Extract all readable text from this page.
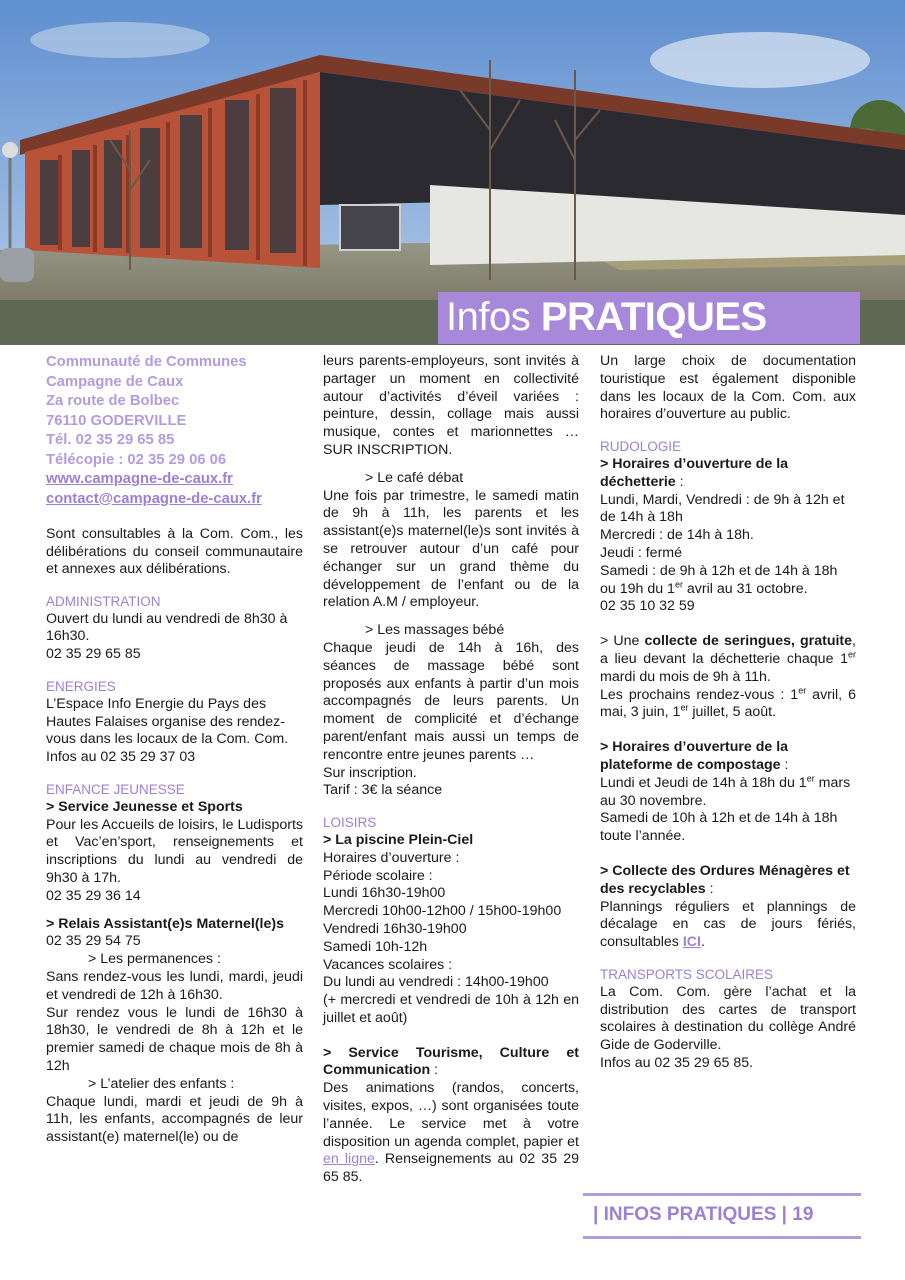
Infos PRATIQUES
Communauté de Communes
Campagne de Caux
Za route de Bolbec
76110 GODERVILLE
Tél. 02 35 29 65 85
Télécopie : 02 35 29 06 06
www.campagne-de-caux.fr
contact@campagne-de-caux.fr

Sont consultables à la Com. Com., les délibérations du conseil communautaire et annexes aux délibérations.

ADMINISTRATION

Ouvert du lundi au vendredi de 8h30 à 16h30.

02 35 29 65 85

ENERGIES

L’Espace Info Energie du Pays des Hautes Falaises organise des rendez-vous dans les locaux de la Com. Com.

Infos au 02 35 29 37 03

ENFANCE JEUNESSE

> Service Jeunesse et Sports

Pour les Accueils de loisirs, le Ludisports et Vac’en’sport, renseignements et inscriptions du lundi au vendredi de 9h30 à 17h.

02 35 29 36 14

> Relais Assistant(e)s Maternel(le)s

02 35 29 54 75

> Les permanences :

Sans rendez-vous les lundi, mardi, jeudi et vendredi de 12h à 16h30.

Sur rendez vous le lundi de 16h30 à 18h30, le vendredi de 8h à 12h et le premier samedi de chaque mois de 8h à 12h

> L’atelier des enfants :

Chaque lundi, mardi et jeudi de 9h à 11h, les enfants, accompagnés de leur assistant(e) maternel(le) ou de

leurs parents-employeurs, sont invités à partager un moment en collectivité autour d’activités d’éveil variées : peinture, dessin, collage mais aussi musique, contes et marionnettes … SUR INSCRIPTION.

> Le café débat

Une fois par trimestre, le samedi matin de 9h à 11h, les parents et les assistant(e)s maternel(le)s sont invités à se retrouver autour d’un café pour échanger sur un grand thème du développement de l’enfant ou de la relation A.M / employeur.

> Les massages bébé

Chaque jeudi de 14h à 16h, des séances de massage bébé sont proposés aux enfants à partir d’un mois accompagnés de leurs parents. Un moment de complicité et d’échange parent/enfant mais aussi un temps de rencontre entre jeunes parents …

Sur inscription.

Tarif : 3€ la séance

LOISIRS

> La piscine Plein-Ciel

Horaires d’ouverture :

Période scolaire :

Lundi 16h30-19h00

Mercredi 10h00-12h00 / 15h00-19h00

Vendredi 16h30-19h00

Samedi 10h-12h

Vacances scolaires :

Du lundi au vendredi : 14h00-19h00

(+ mercredi et vendredi de 10h à 12h en juillet et août)

> Service Tourisme, Culture et Communication :

Des animations (randos, concerts, visites, expos, …) sont organisées toute l’année. Le service met à votre disposition un agenda complet, papier et en ligne. Renseignements au 02 35 29 65 85.

Un large choix de documentation touristique est également disponible dans les locaux de la Com. Com. aux horaires d’ouverture au public.

RUDOLOGIE

> Horaires d’ouverture de la déchetterie :

Lundi, Mardi, Vendredi : de 9h à 12h et de 14h à 18h

Mercredi : de 14h à 18h.

Jeudi : fermé

Samedi : de 9h à 12h et de 14h à 18h ou 19h du 1er avril au 31 octobre.

02 35 10 32 59

> Une collecte de seringues, gratuite, a lieu devant la déchetterie chaque 1er mardi du mois de 9h à 11h.

Les prochains rendez-vous : 1er avril, 6 mai, 3 juin, 1er juillet, 5 août.

> Horaires d’ouverture de la plateforme de compostage :

Lundi et Jeudi de 14h à 18h du 1er mars au 30 novembre.

Samedi de 10h à 12h et de 14h à 18h toute l’année.

> Collecte des Ordures Ménagères et des recyclables :

Plannings réguliers et plannings de décalage en cas de jours fériés, consultables ICI.

TRANSPORTS SCOLAIRES

La Com. Com. gère l’achat et la distribution des cartes de transport scolaires à destination du collège André Gide de Goderville.

Infos au 02 35 29 65 85.

| INFOS PRATIQUES | 19
